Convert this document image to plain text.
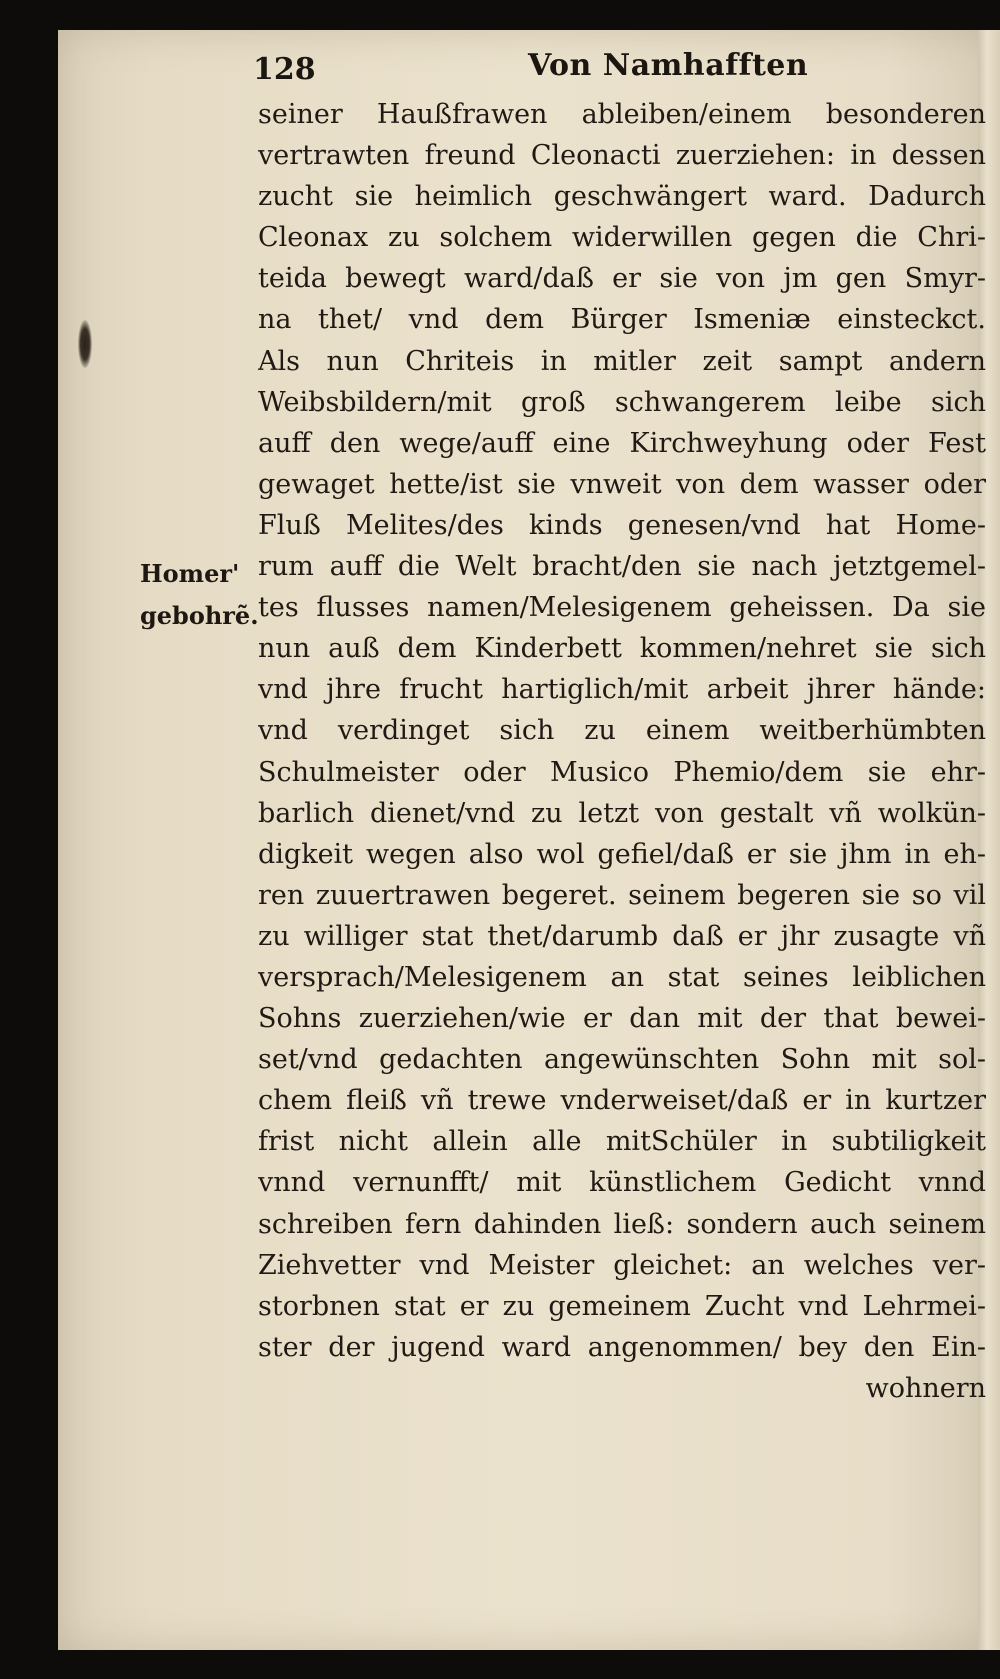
128	Von Namhafften
Homer'
gebohrẽ.
seiner Haußfrawen ableiben/einem besonderen
vertrawten freund Cleonacti zuerziehen: in dessen
zucht sie heimlich geschwängert ward. Dadurch
Cleonax zu solchem widerwillen gegen die Chri-
teida bewegt ward/daß er sie von jm gen Smyr-
na thet/ vnd dem Bürger Ismeniæ einsteckct.
Als nun Chriteis in mitler zeit sampt andern
Weibsbildern/mit groß schwangerem leibe sich
auff den wege/auff eine Kirchweyhung oder Fest
gewaget hette/ist sie vnweit von dem wasser oder
Fluß Melites/des kinds genesen/vnd hat Home-
rum auff die Welt bracht/den sie nach jetztgemel-
tes flusses namen/Melesigenem geheissen. Da sie
nun auß dem Kinderbett kommen/nehret sie sich
vnd jhre frucht hartiglich/mit arbeit jhrer hände:
vnd verdinget sich zu einem weitberhümbten
Schulmeister oder Musico Phemio/dem sie ehr-
barlich dienet/vnd zu letzt von gestalt vñ wolkün-
digkeit wegen also wol gefiel/daß er sie jhm in eh-
ren zuuertrawen begeret. seinem begeren sie so vil
zu williger stat thet/darumb daß er jhr zusagte vñ
versprach/Melesigenem an stat seines leiblichen
Sohns zuerziehen/wie er dan mit der that bewei-
set/vnd gedachten angewünschten Sohn mit sol-
chem fleiß vñ trewe vnderweiset/daß er in kurtzer
frist nicht allein alle mitSchüler in subtiligkeit
vnnd vernunfft/ mit künstlichem Gedicht vnnd
schreiben fern dahinden ließ: sondern auch seinem
Ziehvetter vnd Meister gleichet: an welches ver-
storbnen stat er zu gemeinem Zucht vnd Lehrmei-
ster der jugend ward angenommen/ bey den Ein-
wohnern
